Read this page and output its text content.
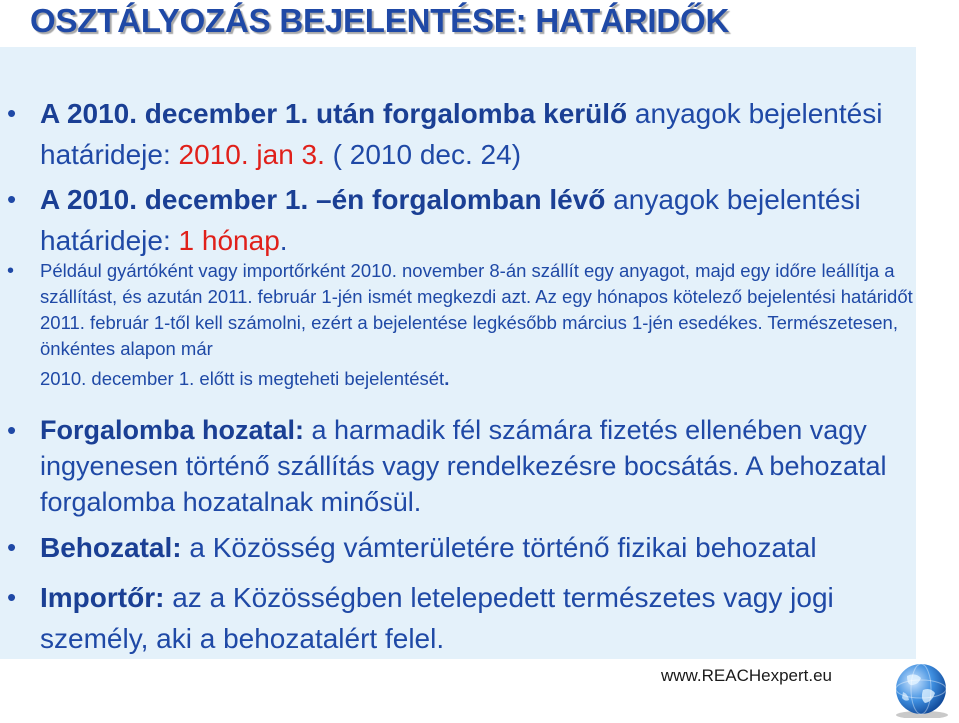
OSZTÁLYOZÁS BEJELENTÉSE: HATÁRIDŐK

• A 2010. december 1. után forgalomba kerülő anyagok bejelentési határideje: 2010. jan 3. ( 2010 dec. 24)

• A 2010. december 1. –én forgalomban lévő anyagok bejelentési határideje: 1 hónap.

• Például gyártóként vagy importőrként 2010. november 8-án szállít egy anyagot, majd egy időre leállítja a szállítást, és azután 2011. február 1-jén ismét megkezdi azt. Az egy hónapos kötelező bejelentési határidőt 2011. február 1-től kell számolni, ezért a bejelentése legkésőbb március 1-jén esedékes. Természetesen, önkéntes alapon már
2010. december 1. előtt is megteheti bejelentését.

• Forgalomba hozatal: a harmadik fél számára fizetés ellenében vagy ingyenesen történő szállítás vagy rendelkezésre bocsátás. A behozatal forgalomba hozatalnak minősül.

• Behozatal: a Közösség vámterületére történő fizikai behozatal

• Importőr: az a Közösségben letelepedett természetes vagy jogi személy, aki a behozatalért felel.

www.REACHexpert.eu
